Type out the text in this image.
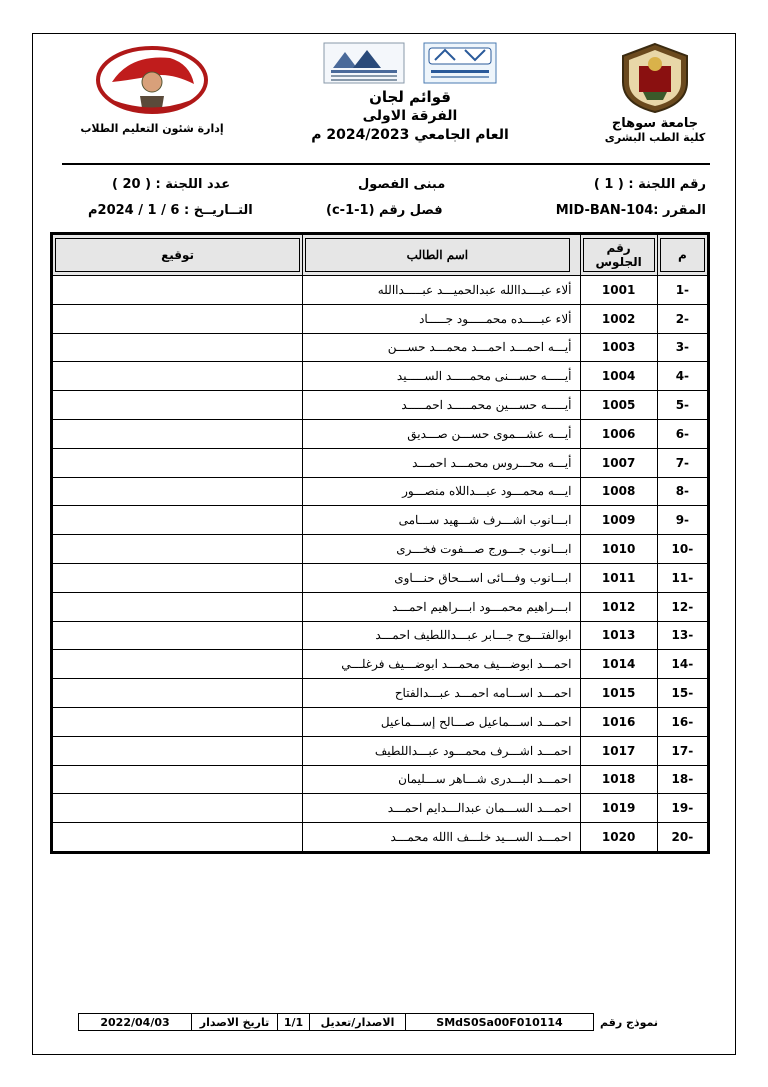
جامعة سوهاج
كلية الطب البشرى
إدارة شئون التعليم الطلاب
قوائم لجان
الفرقة الاولى
العام الجامعي 2024/2023 م
رقم اللجنة : ( 1 )
مبنى الفصول
عدد اللجنة : ( 20 )
المقرر :MID-BAN-104
فصل رقم (1-1-c)
التــاريــخ : 6 / 1 / 2024م
توقيع	اسم الطالب	رقم الجلوس	م

	ألاء عبــــداالله عبدالحميـــد عبـــــداالله	1001	1-
	ألاء عبـــــده محمـــــود جـــــاد	1002	2-
	أيـــه احمـــد احمـــد محمـــد حســـن	1003	3-
	أيـــــه حســـنى محمـــــد الســـــيد	1004	4-
	أيـــــه حســـين محمـــــد احمـــــد	1005	5-
	أيـــه عشـــموى حســـن صـــديق	1006	6-
	أيـــه محـــروس محمـــد احمـــد	1007	7-
	ايـــه محمـــود عبـــداللاه منصـــور	1008	8-
	ابـــانوب اشـــرف شـــهيد ســـامى	1009	9-
	ابـــانوب جـــورج صـــفوت فخـــرى	1010	10-
	ابـــانوب وفـــائى اســـحاق حنـــاوى	1011	11-
	ابـــراهيم محمـــود ابـــراهيم احمـــد	1012	12-
	ابوالفتـــوح جـــابر عبـــداللطيف احمـــد	1013	13-
	احمـــد ابوضـــيف محمـــد ابوضـــيف فرغلـــي	1014	14-
	احمـــد اســـامه احمـــد عبـــدالفتاح	1015	15-
	احمـــد اســـماعيل صـــالح إســـماعيل	1016	16-
	احمـــد اشـــرف محمـــود عبـــداللطيف	1017	17-
	احمـــد البـــدرى شـــاهر ســـليمان	1018	18-
	احمـــد الســـمان عبدالـــدايم احمـــد	1019	19-
	احمـــد الســـيد خلـــف االله محمـــد	1020	20-
نموذج رقم
SMdS0Sa00F010114
الاصدار/تعديل
1/1
تاريخ الاصدار
2022/04/03
